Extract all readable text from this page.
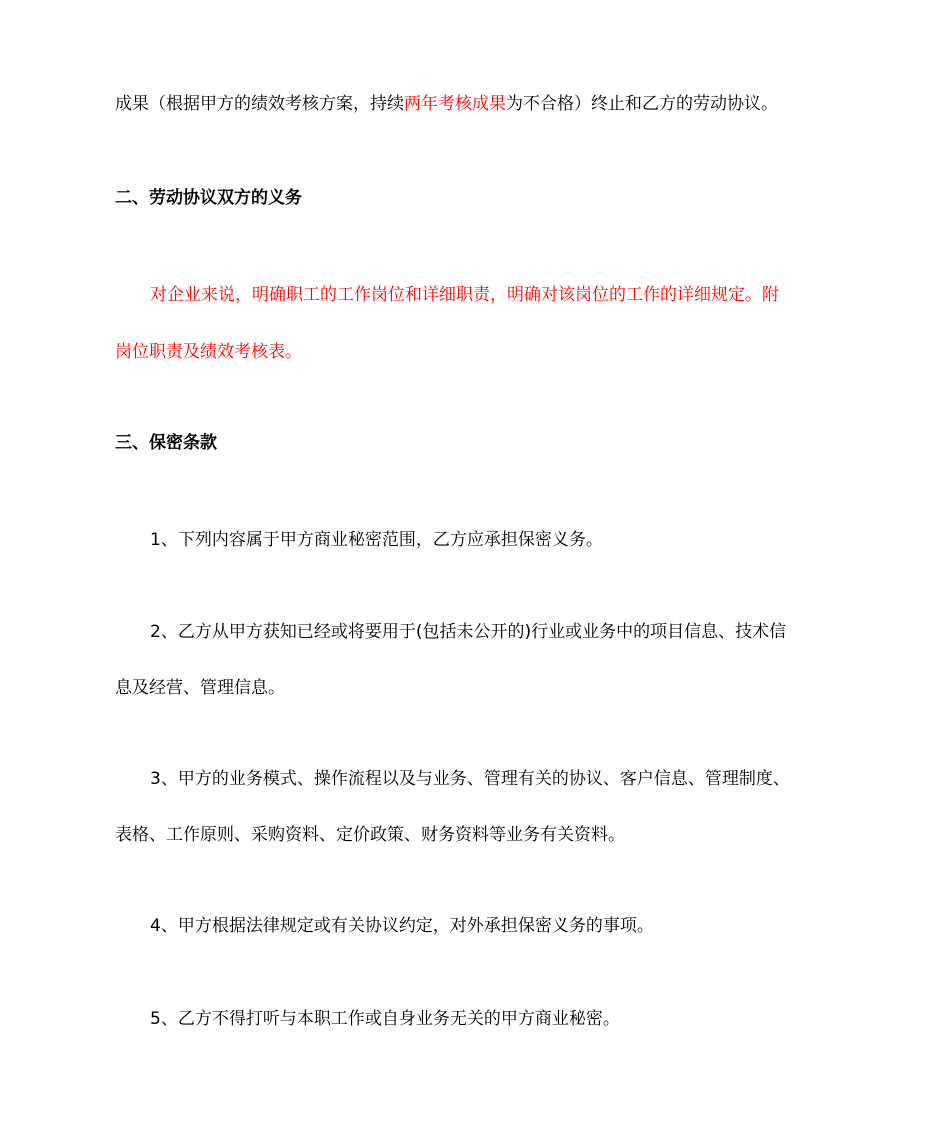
成果（根据甲方的绩效考核方案，持续两年考核成果为不合格）终止和乙方的劳动协议。
二、劳动协议双方的义务
对企业来说，明确职工的工作岗位和详细职责，明确对该岗位的工作的详细规定。附
岗位职责及绩效考核表。
三、保密条款
1、下列内容属于甲方商业秘密范围，乙方应承担保密义务。
2、乙方从甲方获知已经或将要用于(包括未公开的)行业或业务中的项目信息、技术信
息及经营、管理信息。
3、甲方的业务模式、操作流程以及与业务、管理有关的协议、客户信息、管理制度、
表格、工作原则、采购资料、定价政策、财务资料等业务有关资料。
4、甲方根据法律规定或有关协议约定，对外承担保密义务的事项。
5、乙方不得打听与本职工作或自身业务无关的甲方商业秘密。
